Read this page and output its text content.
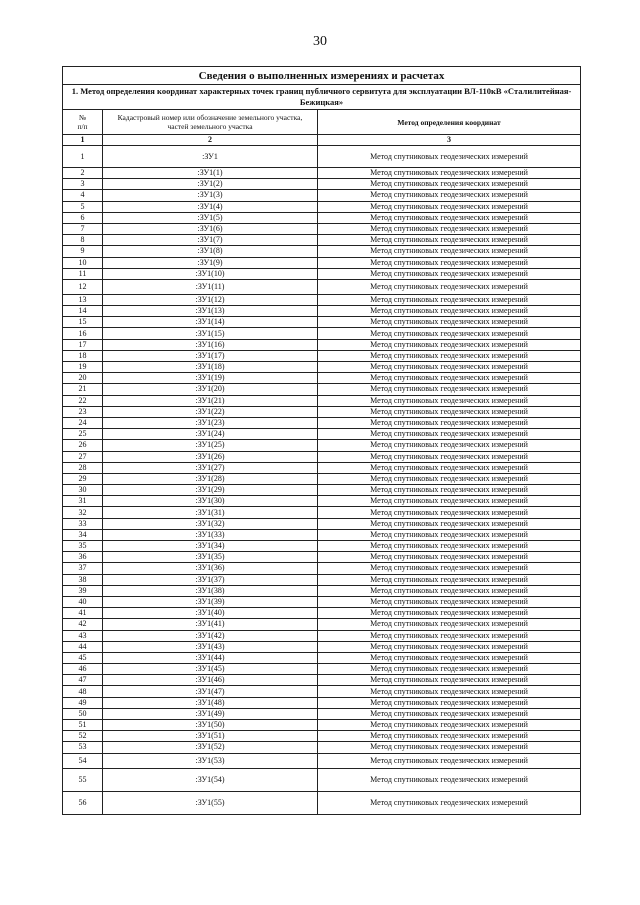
30
Сведения о выполненных измерениях и расчетах		
1. Метод определения координат характерных точек границ публичного сервитута для эксплуатации ВЛ-110кВ «Сталилитейная- Бежицкая»		
№
п/п	Кадастровый номер или обозначение земельного участка, частей земельного участка	Метод определения координат
1	2	3
1	:ЗУ1	Метод спутниковых геодезических измерений
2	:ЗУ1(1)	Метод спутниковых геодезических измерений
3	:ЗУ1(2)	Метод спутниковых геодезических измерений
4	:ЗУ1(3)	Метод спутниковых геодезических измерений
5	:ЗУ1(4)	Метод спутниковых геодезических измерений
6	:ЗУ1(5)	Метод спутниковых геодезических измерений
7	:ЗУ1(6)	Метод спутниковых геодезических измерений
8	:ЗУ1(7)	Метод спутниковых геодезических измерений
9	:ЗУ1(8)	Метод спутниковых геодезических измерений
10	:ЗУ1(9)	Метод спутниковых геодезических измерений
11	:ЗУ1(10)	Метод спутниковых геодезических измерений
12	:ЗУ1(11)	Метод спутниковых геодезических измерений
13	:ЗУ1(12)	Метод спутниковых геодезических измерений
14	:ЗУ1(13)	Метод спутниковых геодезических измерений
15	:ЗУ1(14)	Метод спутниковых геодезических измерений
16	:ЗУ1(15)	Метод спутниковых геодезических измерений
17	:ЗУ1(16)	Метод спутниковых геодезических измерений
18	:ЗУ1(17)	Метод спутниковых геодезических измерений
19	:ЗУ1(18)	Метод спутниковых геодезических измерений
20	:ЗУ1(19)	Метод спутниковых геодезических измерений
21	:ЗУ1(20)	Метод спутниковых геодезических измерений
22	:ЗУ1(21)	Метод спутниковых геодезических измерений
23	:ЗУ1(22)	Метод спутниковых геодезических измерений
24	:ЗУ1(23)	Метод спутниковых геодезических измерений
25	:ЗУ1(24)	Метод спутниковых геодезических измерений
26	:ЗУ1(25)	Метод спутниковых геодезических измерений
27	:ЗУ1(26)	Метод спутниковых геодезических измерений
28	:ЗУ1(27)	Метод спутниковых геодезических измерений
29	:ЗУ1(28)	Метод спутниковых геодезических измерений
30	:ЗУ1(29)	Метод спутниковых геодезических измерений
31	:ЗУ1(30)	Метод спутниковых геодезических измерений
32	:ЗУ1(31)	Метод спутниковых геодезических измерений
33	:ЗУ1(32)	Метод спутниковых геодезических измерений
34	:ЗУ1(33)	Метод спутниковых геодезических измерений
35	:ЗУ1(34)	Метод спутниковых геодезических измерений
36	:ЗУ1(35)	Метод спутниковых геодезических измерений
37	:ЗУ1(36)	Метод спутниковых геодезических измерений
38	:ЗУ1(37)	Метод спутниковых геодезических измерений
39	:ЗУ1(38)	Метод спутниковых геодезических измерений
40	:ЗУ1(39)	Метод спутниковых геодезических измерений
41	:ЗУ1(40)	Метод спутниковых геодезических измерений
42	:ЗУ1(41)	Метод спутниковых геодезических измерений
43	:ЗУ1(42)	Метод спутниковых геодезических измерений
44	:ЗУ1(43)	Метод спутниковых геодезических измерений
45	:ЗУ1(44)	Метод спутниковых геодезических измерений
46	:ЗУ1(45)	Метод спутниковых геодезических измерений
47	:ЗУ1(46)	Метод спутниковых геодезических измерений
48	:ЗУ1(47)	Метод спутниковых геодезических измерений
49	:ЗУ1(48)	Метод спутниковых геодезических измерений
50	:ЗУ1(49)	Метод спутниковых геодезических измерений
51	:ЗУ1(50)	Метод спутниковых геодезических измерений
52	:ЗУ1(51)	Метод спутниковых геодезических измерений
53	:ЗУ1(52)	Метод спутниковых геодезических измерений
54	:ЗУ1(53)	Метод спутниковых геодезических измерений
55	:ЗУ1(54)	Метод спутниковых геодезических измерений
56	:ЗУ1(55)	Метод спутниковых геодезических измерений
